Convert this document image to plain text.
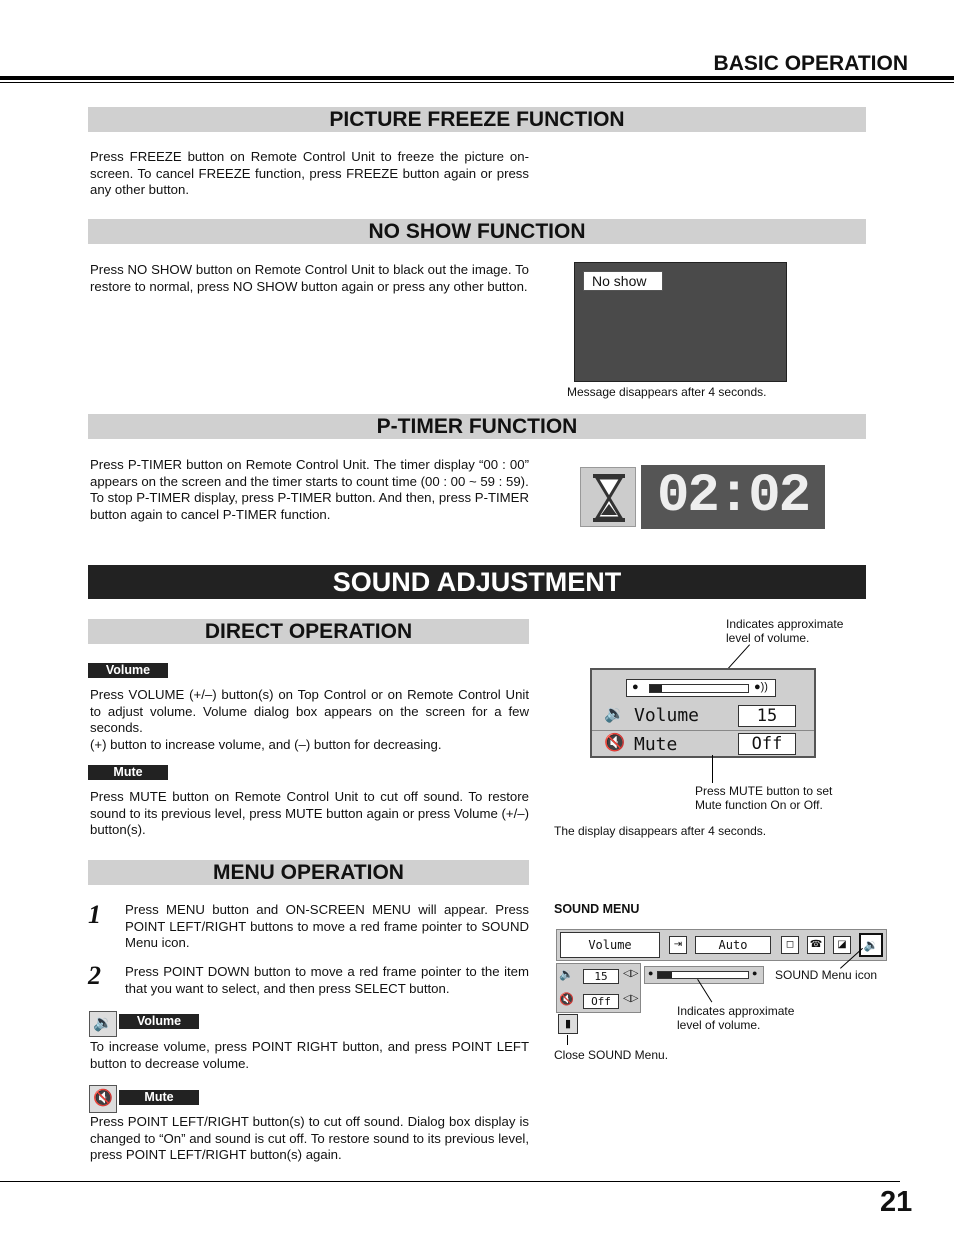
BASIC OPERATION
PICTURE FREEZE FUNCTION
Press FREEZE button on Remote Control Unit to freeze the picture on-screen. To cancel FREEZE function, press FREEZE button again or press any other button.
NO SHOW FUNCTION
Press NO SHOW button on Remote Control Unit to black out the image. To restore to normal, press NO SHOW button again or press any other button.	No show
Message disappears after 4 seconds.
P-TIMER FUNCTION
Press P-TIMER button on Remote Control Unit. The timer display “00 : 00” appears on the screen and the timer starts to count time (00 : 00 ~ 59 : 59).
To stop P-TIMER display, press P-TIMER button. And then, press P-TIMER button again to cancel P-TIMER function.	02:02
SOUND ADJUSTMENT
DIRECT OPERATION
Volume
Press VOLUME (+/–) button(s) on Top Control or on Remote Control Unit to adjust volume. Volume dialog box appears on the screen for a few seconds.
(+) button to increase volume, and (–) button for decreasing.
Mute
Press MUTE button on Remote Control Unit to cut off sound. To restore sound to its previous level, press MUTE button again or press Volume (+/–) button(s).
Indicates approximate level of volume.
●	●))
🔉 Volume	15
🔇 Mute	Off
Press MUTE button to set Mute function On or Off.
The display disappears after 4 seconds.
MENU OPERATION
1 Press MENU button and ON-SCREEN MENU will appear. Press POINT LEFT/RIGHT buttons to move a red frame pointer to SOUND Menu icon.
2 Press POINT DOWN button to move a red frame pointer to the item that you want to select, and then press SELECT button.
🔉	Volume
To increase volume, press POINT RIGHT button, and press POINT LEFT button to decrease volume.
🔇	Mute
Press POINT LEFT/RIGHT button(s) to cut off sound. Dialog box display is changed to “On” and sound is cut off. To restore sound to its previous level, press POINT LEFT/RIGHT button(s) again.
SOUND MENU
Volume	⇥	Auto	◻	☎	◪	🔉
🔉	15	◁▷
🔇	Off	◁▷
●	●
▮
SOUND Menu icon
Indicates approximate level of volume.
Close SOUND Menu.
21
